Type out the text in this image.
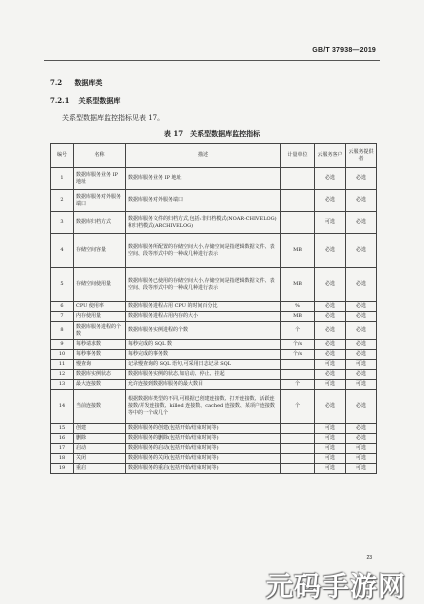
GB/T 37938—2019
7.2 数据库类
7.2.1 关系型数据库
关系型数据库监控指标见表 17。
表 17　关系型数据库监控指标
编号	名称	描述	计量单位	云服务客户	云服务提供者
1	数据库服务业务 IP 地址	数据库服务业务 IP 地址		必选	必选
2	数据库服务对外服务端口	数据库服务对外服务端口		必选	必选
3	数据库归档方式	数据库服务文件的归档方式,包括:非归档模式(NOAR-CHIVELOG)和归档模式(ARCHIVELOG)		可选	必选
4	存储空间容量	数据库服务所配置的存储空间大小,存储空间是指逻辑数据文件、表空间、段等形式中的一种或几种进行表示	MB	必选	必选
5	存储空间使用量	数据库服务已使用的存储空间大小,存储空间是指逻辑数据文件、表空间、段等形式中的一种或几种进行表示	MB	必选	必选
6	CPU 使用率	数据库服务进程占用 CPU 的时间百分比	%	必选	必选
7	内存使用量	数据库服务进程占用内存的大小	MB	必选	必选
8	数据库服务进程的个数	数据库服务实例进程的个数	个	必选	必选
9	每秒请求数	每秒完成的 SQL 数	个/s	必选	必选
10	每秒事务数	每秒完成的事务数	个/s	必选	必选
11	慢查询	记录慢查询的 SQL 语句,可采用日志记录 SQL		可选	可选
12	数据库实例状态	数据库服务实例的状态,如启动、停止、挂起		必选	必选
13	最大连接数	允许连接到数据库服务的最大数目	个	可选	可选
14	当前连接数	根据数据库类型的不同,可根据已创建连接数、打开连接数、活跃连接数/并发连接数、killed 连接数、cached 连接数、某项户连接数等中的一个或几个	个	必选	必选
15	创建	数据库服务的创建(包括开始/结束时间等)		可选	必选
16	删除	数据库服务的删除(包括开始/结束时间等)		可选	必选
17	启动	数据库服务的启动(包括开始/结束时间等)		可选	可选
18	关闭	数据库服务的关闭(包括开始/结束时间等)		可选	可选
19	重启	数据库服务的重启(包括开始/结束时间等)		可选	可选
23
元码手游网
